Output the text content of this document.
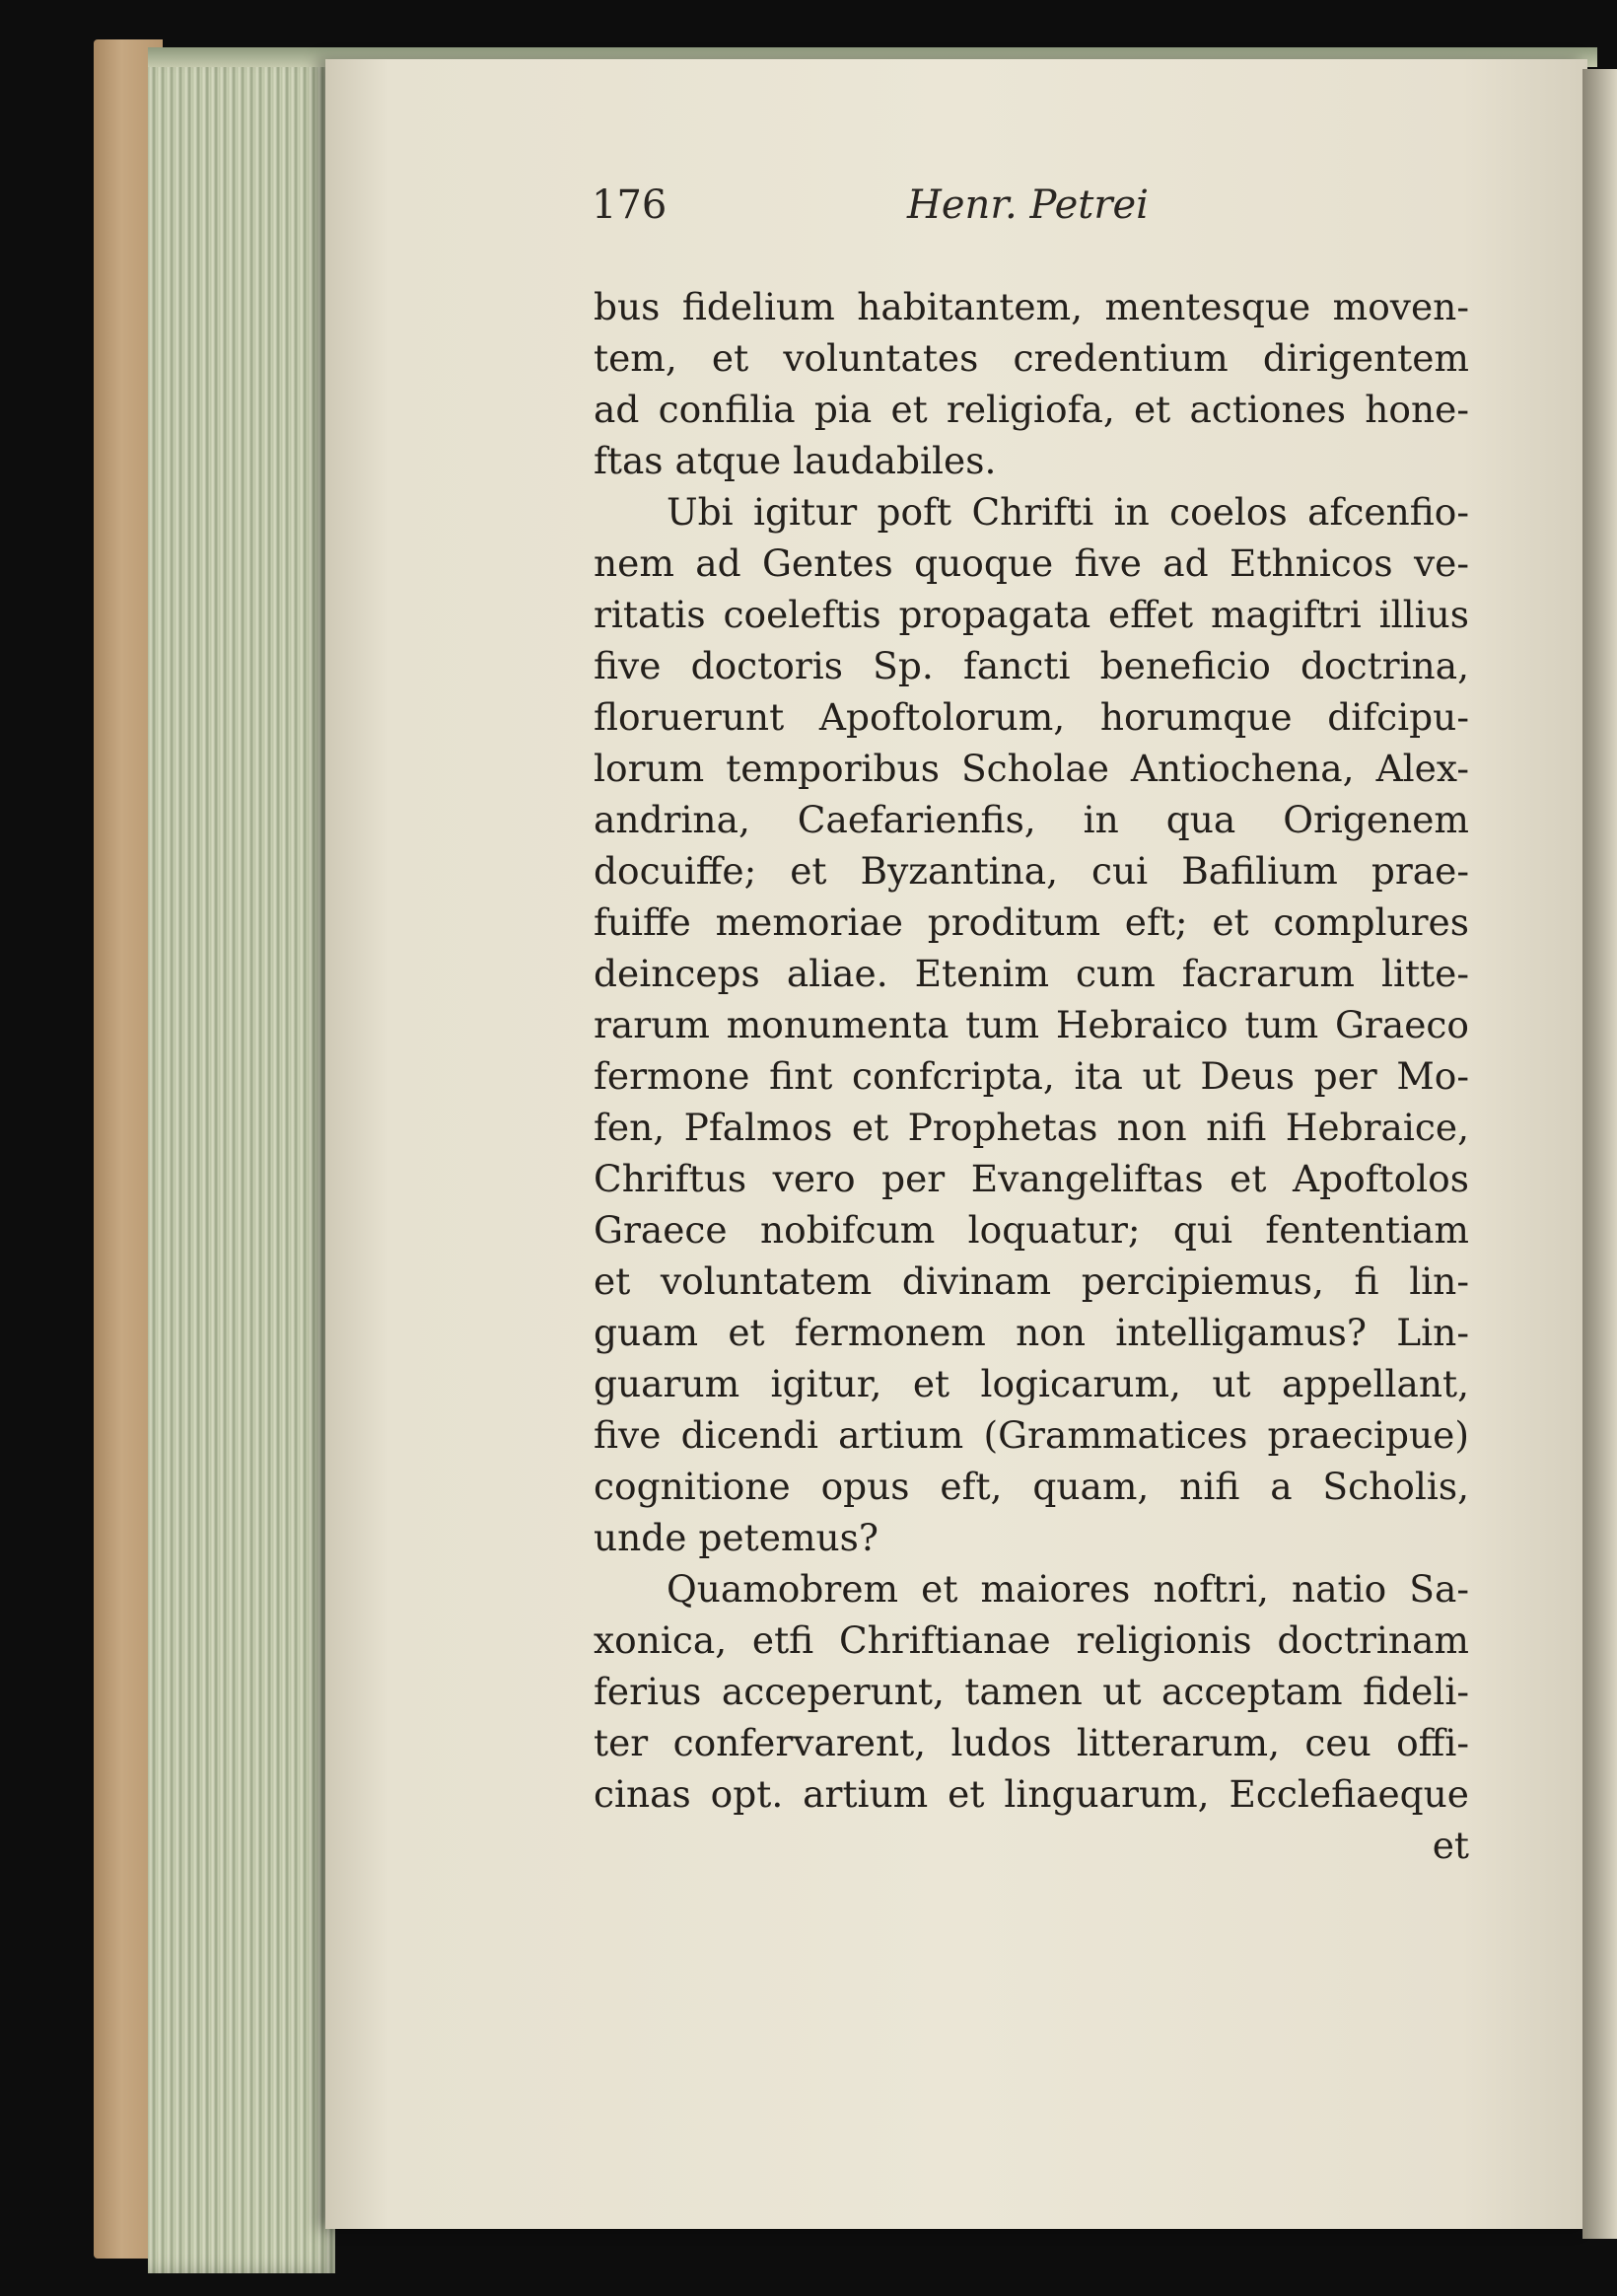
176	Henr. Petrei
bus fidelium habitantem, mentesque moven-
tem, et voluntates credentium dirigentem
ad confilia pia et religiofa, et actiones hone-
ftas atque laudabiles.
Ubi igitur poft Chrifti in coelos afcenfio-
nem ad Gentes quoque five ad Ethnicos ve-
ritatis coeleftis propagata effet magiftri illius
five doctoris Sp. fancti beneficio doctrina,
floruerunt Apoftolorum, horumque difcipu-
lorum temporibus Scholae Antiochena, Alex-
andrina, Caefarienfis, in qua Origenem
docuiffe; et Byzantina, cui Bafilium prae-
fuiffe memoriae proditum eft; et complures
deinceps aliae. Etenim cum facrarum litte-
rarum monumenta tum Hebraico tum Graeco
fermone fint confcripta, ita ut Deus per Mo-
fen, Pfalmos et Prophetas non nifi Hebraice,
Chriftus vero per Evangeliftas et Apoftolos
Graece nobifcum loquatur; qui fententiam
et voluntatem divinam percipiemus, fi lin-
guam et fermonem non intelligamus? Lin-
guarum igitur, et logicarum, ut appellant,
five dicendi artium (Grammatices praecipue)
cognitione opus eft, quam, nifi a Scholis,
unde petemus?
Quamobrem et maiores noftri, natio Sa-
xonica, etfi Chriftianae religionis doctrinam
ferius acceperunt, tamen ut acceptam fideli-
ter confervarent, ludos litterarum, ceu offi-
cinas opt. artium et linguarum, Ecclefiaeque
et
